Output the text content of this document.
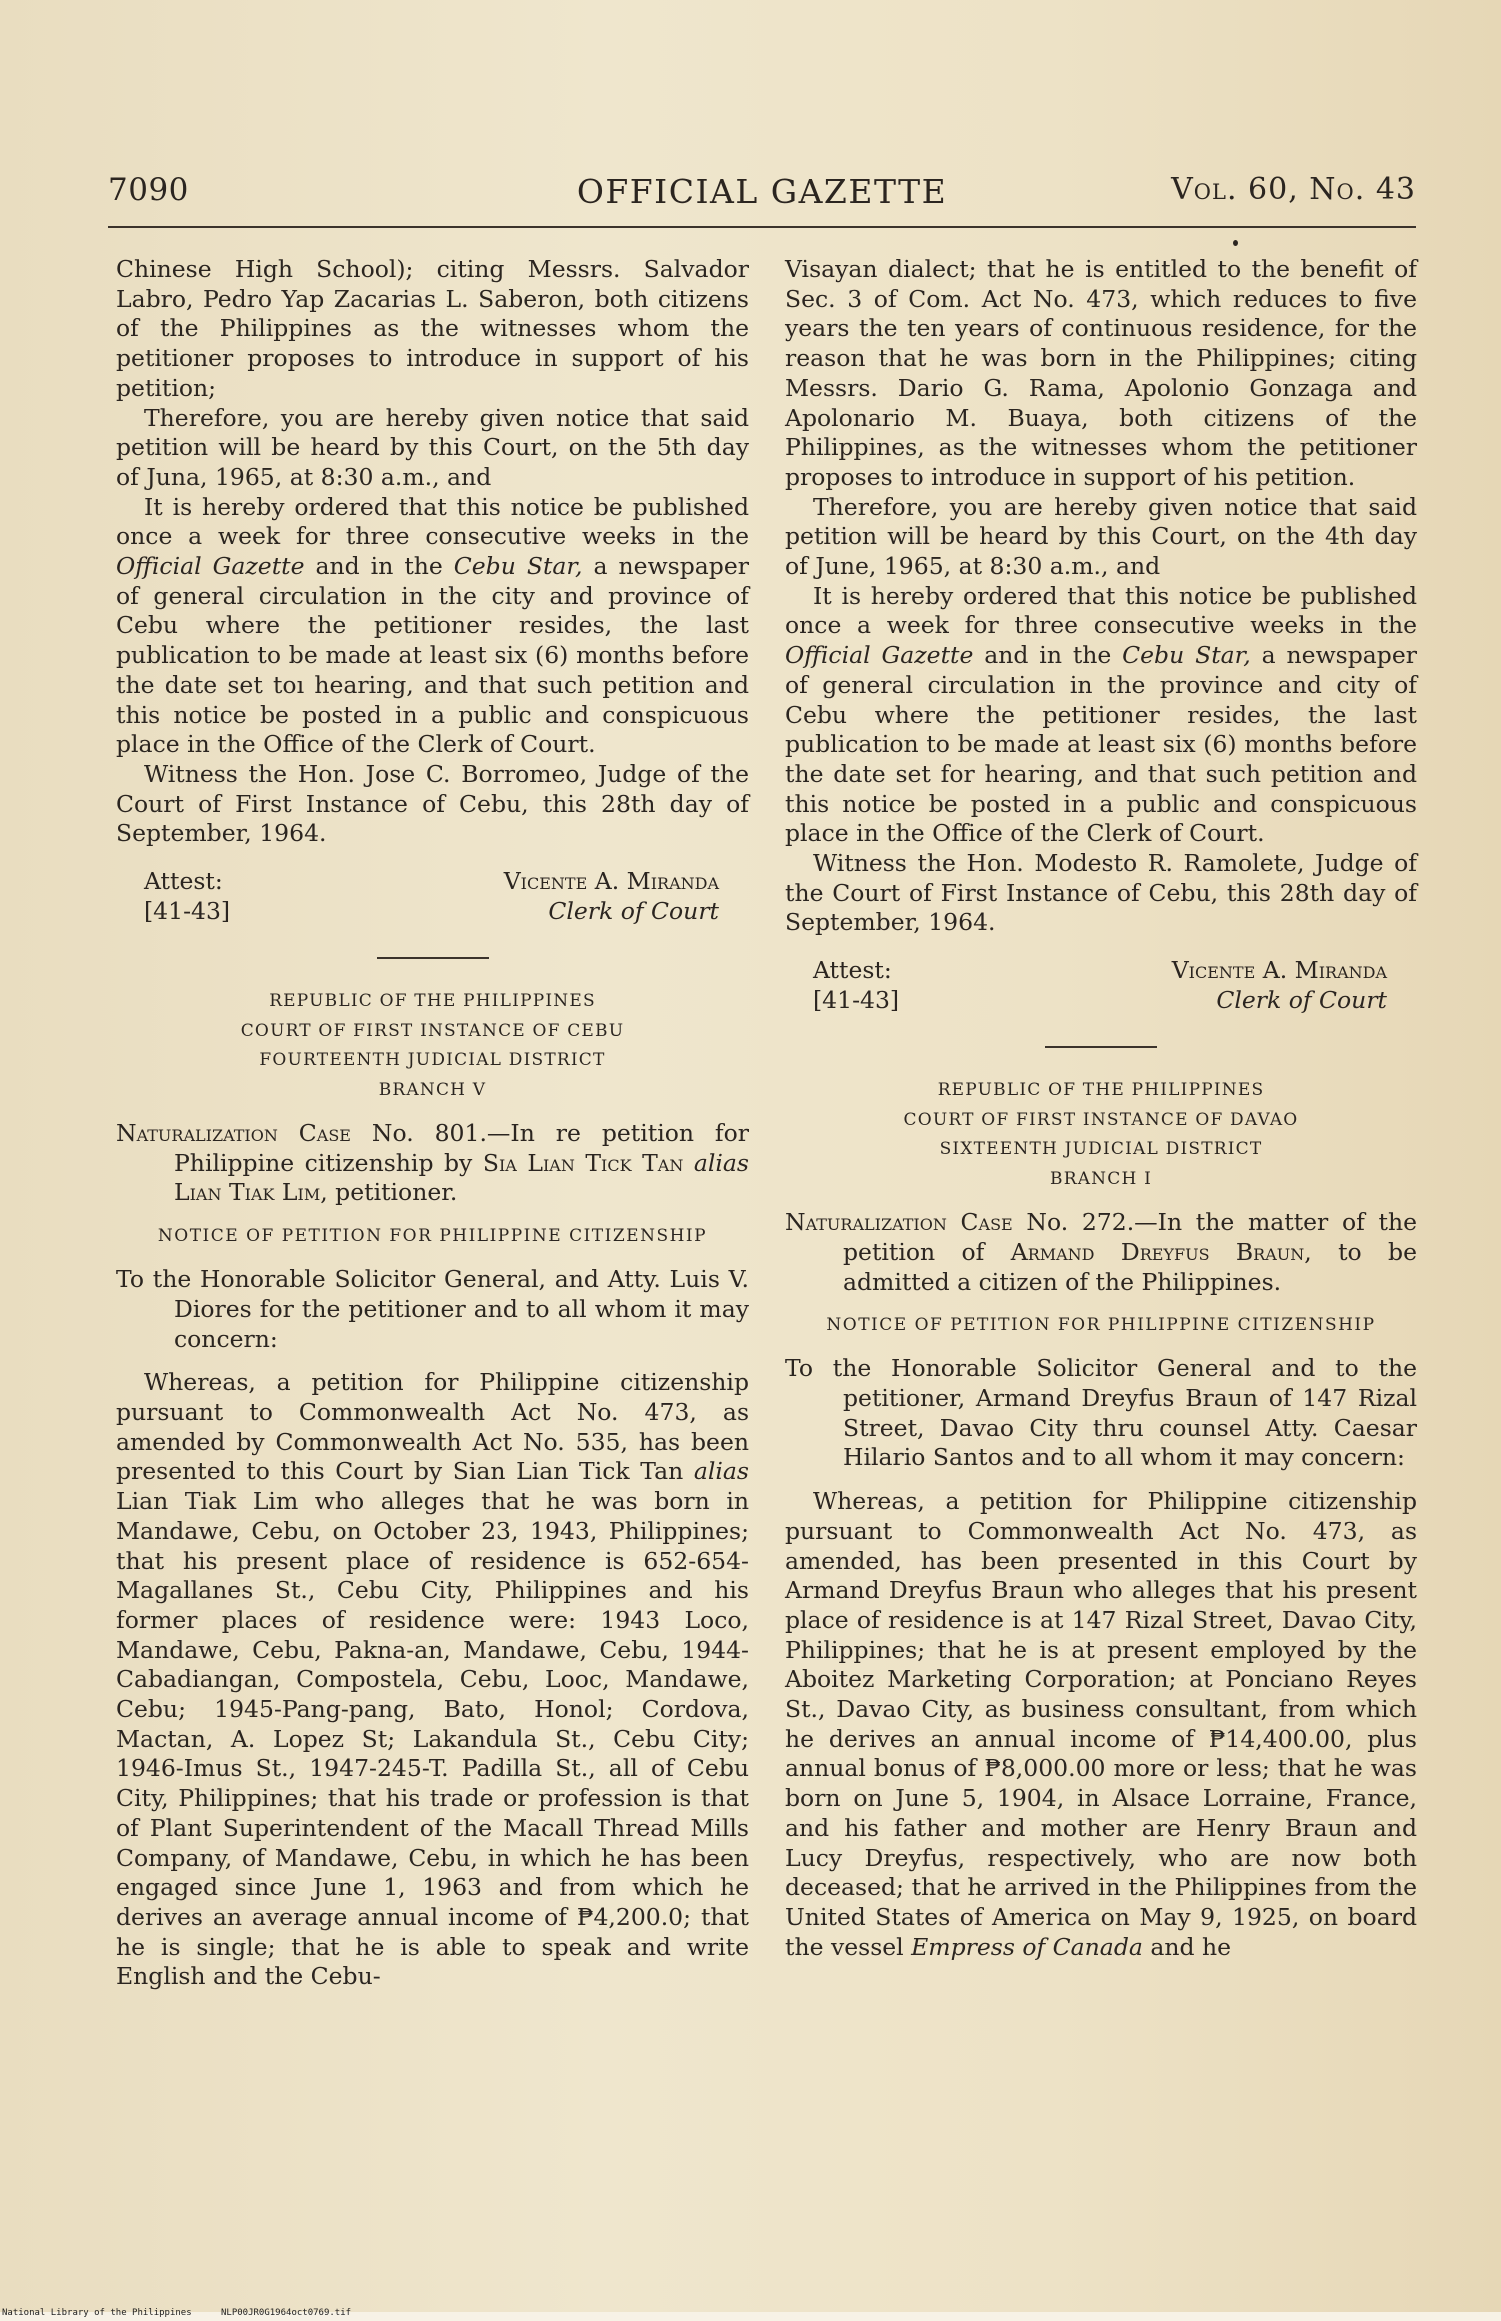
7090	OFFICIAL GAZETTE	Vol. 60, No. 43

Chinese High School); citing Messrs. Salvador Labro, Pedro Yap Zacarias L. Saberon, both citizens of the Philippines as the witnesses whom the petitioner proposes to introduce in support of his petition;

Therefore, you are hereby given notice that said petition will be heard by this Court, on the 5th day of Juna, 1965, at 8:30 a.m., and

It is hereby ordered that this notice be published once a week for three consecutive weeks in the Official Gazette and in the Cebu Star, a newspaper of general circulation in the city and province of Cebu where the petitioner resides, the last publication to be made at least six (6) months before the date set toı hearing, and that such petition and this notice be posted in a public and conspicuous place in the Office of the Clerk of Court.

Witness the Hon. Jose C. Borromeo, Judge of the Court of First Instance of Cebu, this 28th day of September, 1964.

Attest:
[41-43]
Vicente A. Miranda
Clerk of Court
REPUBLIC OF THE PHILIPPINES
COURT OF FIRST INSTANCE OF CEBU
FOURTEENTH JUDICIAL DISTRICT
BRANCH V

Naturalization Case No. 801.—In re petition for Philippine citizenship by Sia Lian Tick Tan alias Lian Tiak Lim, petitioner.

NOTICE OF PETITION FOR PHILIPPINE CITIZENSHIP

To the Honorable Solicitor General, and Atty. Luis V. Diores for the petitioner and to all whom it may concern:

Whereas, a petition for Philippine citizenship pursuant to Commonwealth Act No. 473, as amended by Commonwealth Act No. 535, has been presented to this Court by Sian Lian Tick Tan alias Lian Tiak Lim who alleges that he was born in Mandawe, Cebu, on October 23, 1943, Philippines; that his present place of residence is 652-654-Magallanes St., Cebu City, Philippines and his former places of residence were: 1943 Loco, Mandawe, Cebu, Pakna-an, Mandawe, Cebu, 1944-Cabadiangan, Compostela, Cebu, Looc, Mandawe, Cebu; 1945-Pang-pang, Bato, Honol; Cordova, Mactan, A. Lopez St; Lakandula St., Cebu City; 1946-Imus St., 1947-245-T. Padilla St., all of Cebu City, Philippines; that his trade or profession is that of Plant Superintendent of the Macall Thread Mills Company, of Mandawe, Cebu, in which he has been engaged since June 1, 1963 and from which he derives an average annual income of ₱4,200.0; that he is single; that he is able to speak and write English and the Cebu-

Visayan dialect; that he is entitled to the benefit of Sec. 3 of Com. Act No. 473, which reduces to five years the ten years of continuous residence, for the reason that he was born in the Philippines; citing Messrs. Dario G. Rama, Apolonio Gonzaga and Apolonario M. Buaya, both citizens of the Philippines, as the witnesses whom the petitioner proposes to introduce in support of his petition.

Therefore, you are hereby given notice that said petition will be heard by this Court, on the 4th day of June, 1965, at 8:30 a.m., and

It is hereby ordered that this notice be published once a week for three consecutive weeks in the Official Gazette and in the Cebu Star, a newspaper of general circulation in the province and city of Cebu where the petitioner resides, the last publication to be made at least six (6) months before the date set for hearing, and that such petition and this notice be posted in a public and conspicuous place in the Office of the Clerk of Court.

Witness the Hon. Modesto R. Ramolete, Judge of the Court of First Instance of Cebu, this 28th day of September, 1964.

Attest:
[41-43]
Vicente A. Miranda
Clerk of Court
REPUBLIC OF THE PHILIPPINES
COURT OF FIRST INSTANCE OF DAVAO
SIXTEENTH JUDICIAL DISTRICT
BRANCH I

Naturalization Case No. 272.—In the matter of the petition of Armand Dreyfus Braun, to be admitted a citizen of the Philippines.

NOTICE OF PETITION FOR PHILIPPINE CITIZENSHIP

To the Honorable Solicitor General and to the petitioner, Armand Dreyfus Braun of 147 Rizal Street, Davao City thru counsel Atty. Caesar Hilario Santos and to all whom it may concern:

Whereas, a petition for Philippine citizenship pursuant to Commonwealth Act No. 473, as amended, has been presented in this Court by Armand Dreyfus Braun who alleges that his present place of residence is at 147 Rizal Street, Davao City, Philippines; that he is at present employed by the Aboitez Marketing Corporation; at Ponciano Reyes St., Davao City, as business consultant, from which he derives an annual income of ₱14,400.00, plus annual bonus of ₱8,000.00 more or less; that he was born on June 5, 1904, in Alsace Lorraine, France, and his father and mother are Henry Braun and Lucy Dreyfus, respectively, who are now both deceased; that he arrived in the Philippines from the United States of America on May 9, 1925, on board the vessel Empress of Canada and he

National Library of the Philippines	NLP00JR0G1964oct0769.tif
